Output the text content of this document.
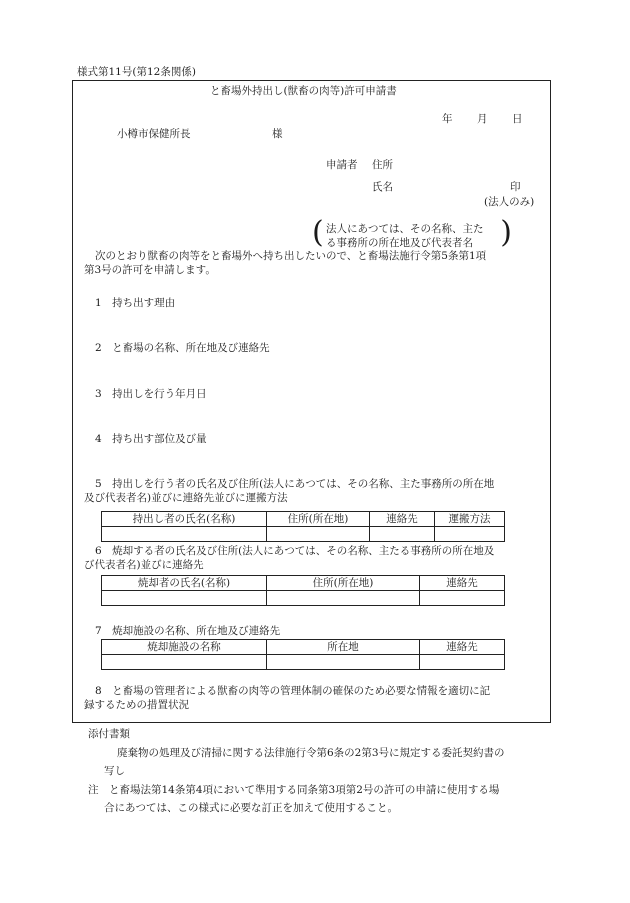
様式第11号(第12条関係)
と畜場外持出し(獣畜の肉等)許可申請書
年 月 日
小樽市保健所長	様
申請者 住所
氏名	印
(法人のみ)
( 法人にあつては、その名称、主た
る事務所の所在地及び代表者名 )
次のとおり獣畜の肉等をと畜場外へ持ち出したいので、と畜場法施行令第5条第1項
第3号の許可を申請します。
1　持ち出す理由
2　と畜場の名称、所在地及び連絡先
3　持出しを行う年月日
4　持ち出す部位及び量
5　持出しを行う者の氏名及び住所(法人にあつては、その名称、主た事務所の所在地
及び代表者名)並びに連絡先並びに運搬方法
持出し者の氏名(名称)	住所(所在地)	連絡先	運搬方法

6　焼却する者の氏名及び住所(法人にあつては、その名称、主たる事務所の所在地及
び代表者名)並びに連絡先
焼却者の氏名(名称)	住所(所在地)	連絡先

7　焼却施設の名称、所在地及び連絡先
焼却施設の名称	所在地	連絡先

8　と畜場の管理者による獣畜の肉等の管理体制の確保のため必要な情報を適切に記
録するための措置状況
添付書類
廃棄物の処理及び清掃に関する法律施行令第6条の2第3号に規定する委託契約書の
写し
注　と畜場法第14条第4項において準用する同条第3項第2号の許可の申請に使用する場
合にあつては、この様式に必要な訂正を加えて使用すること。
